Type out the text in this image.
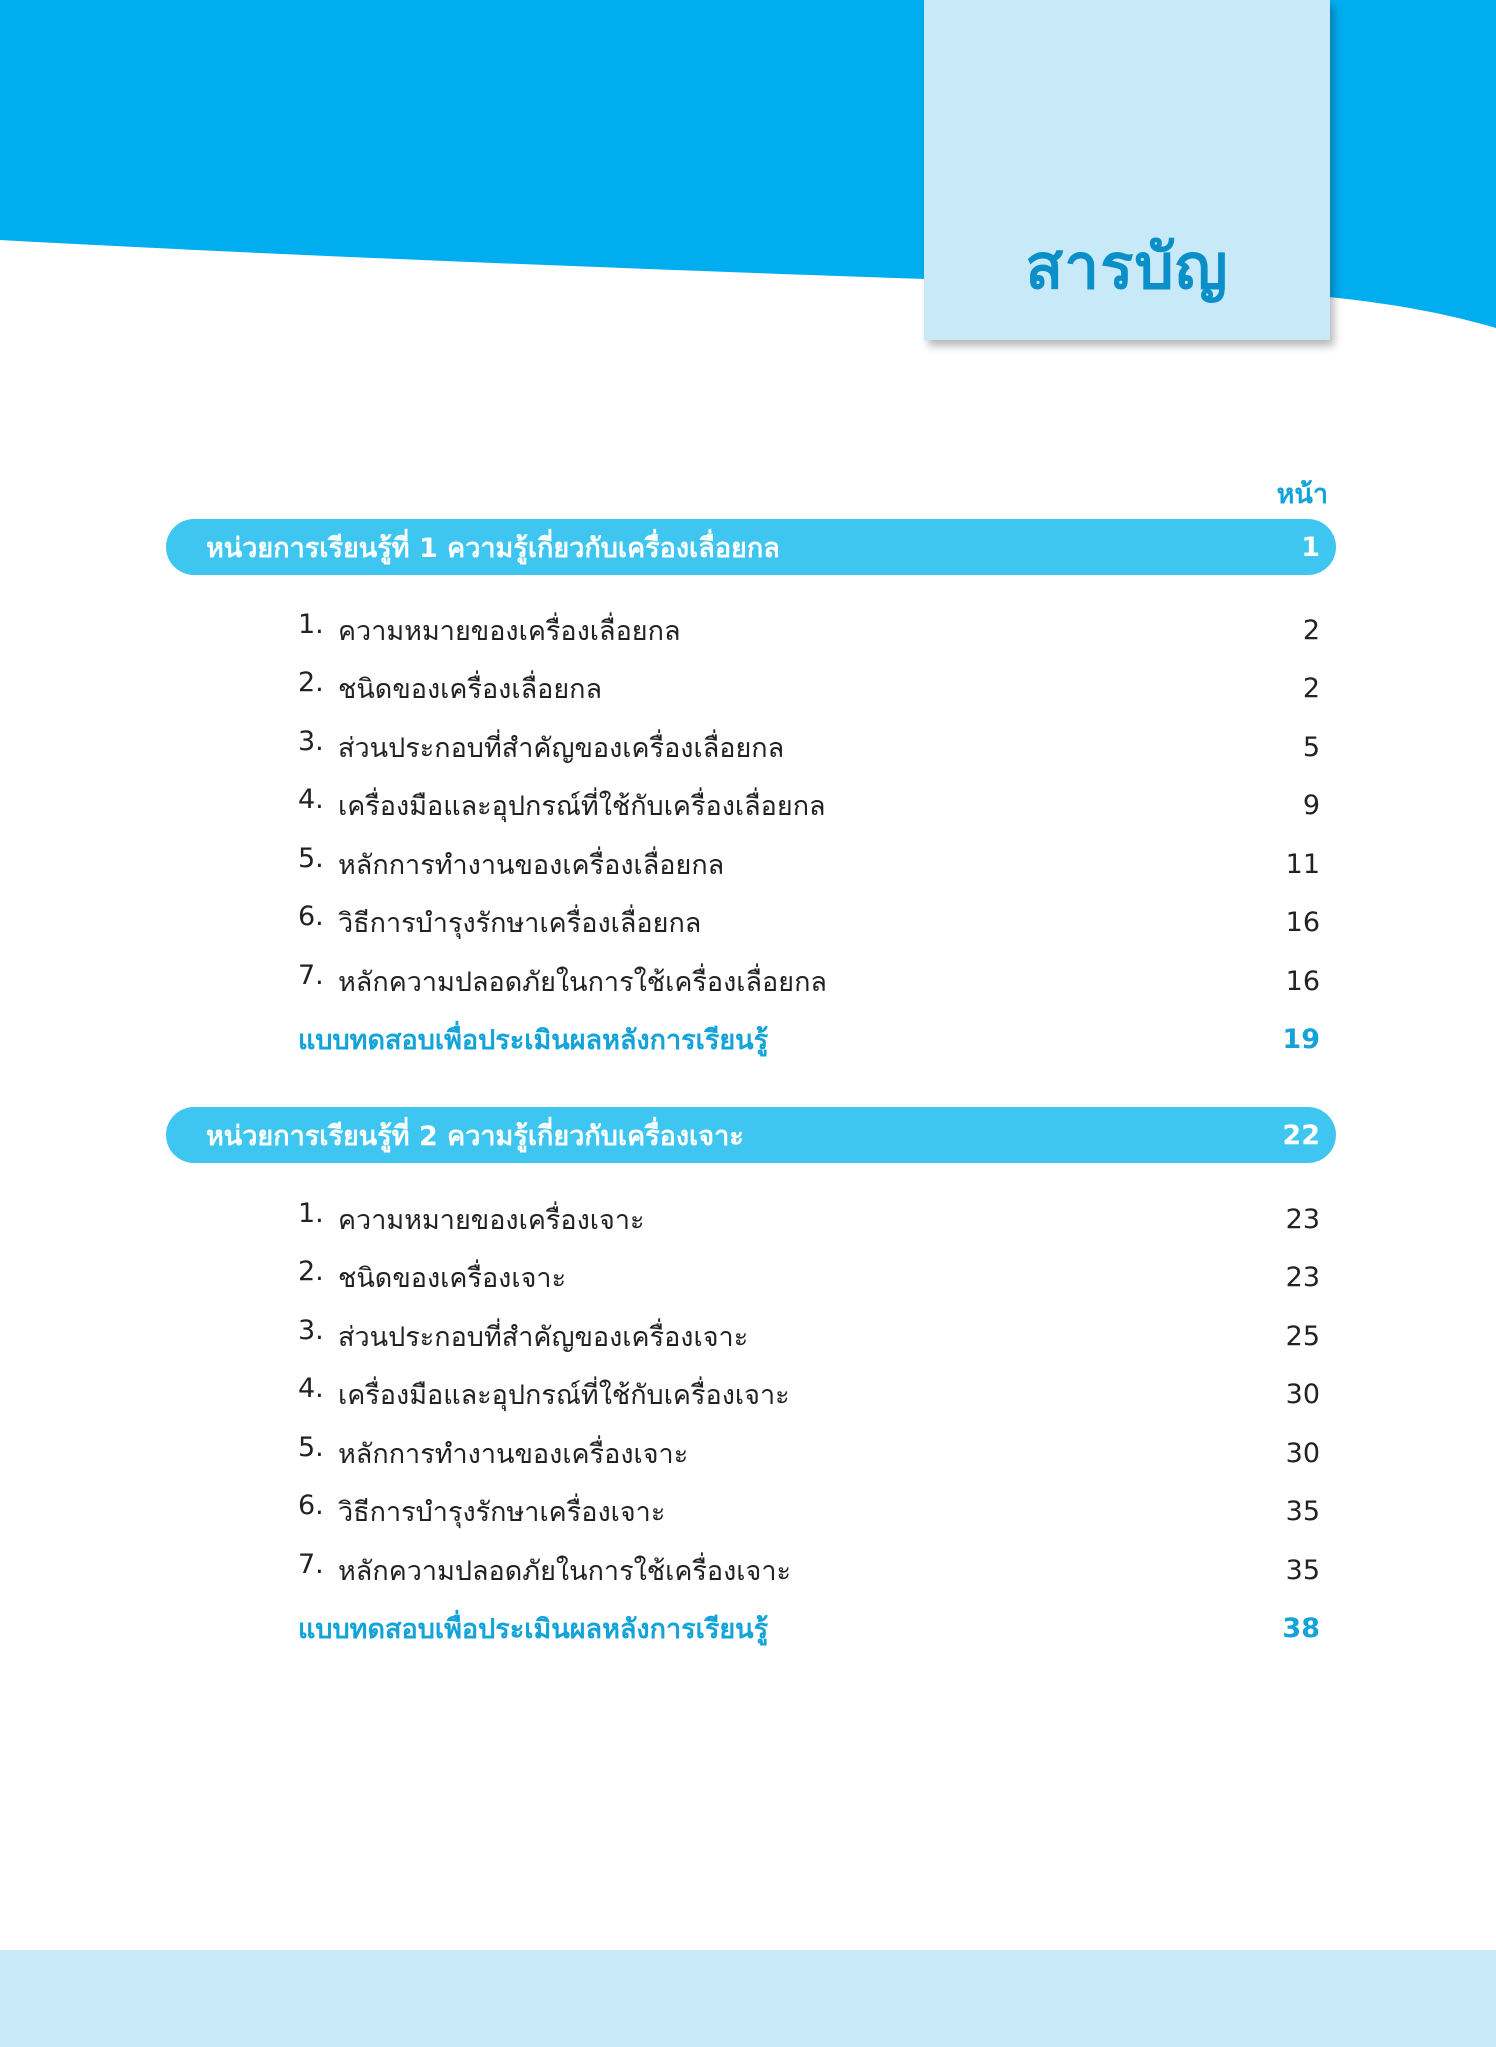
สารบัญ
หน้า
หน่วยการเรียนรู้ที่ 1 ความรู้เกี่ยวกับเครื่องเลื่อยกล	1
1. ความหมายของเครื่องเลื่อยกล	2
2. ชนิดของเครื่องเลื่อยกล	2
3. ส่วนประกอบที่สำคัญของเครื่องเลื่อยกล	5
4. เครื่องมือและอุปกรณ์ที่ใช้กับเครื่องเลื่อยกล	9
5. หลักการทำงานของเครื่องเลื่อยกล	11
6. วิธีการบำรุงรักษาเครื่องเลื่อยกล	16
7. หลักความปลอดภัยในการใช้เครื่องเลื่อยกล	16
แบบทดสอบเพื่อประเมินผลหลังการเรียนรู้	19
หน่วยการเรียนรู้ที่ 2 ความรู้เกี่ยวกับเครื่องเจาะ	22
1. ความหมายของเครื่องเจาะ	23
2. ชนิดของเครื่องเจาะ	23
3. ส่วนประกอบที่สำคัญของเครื่องเจาะ	25
4. เครื่องมือและอุปกรณ์ที่ใช้กับเครื่องเจาะ	30
5. หลักการทำงานของเครื่องเจาะ	30
6. วิธีการบำรุงรักษาเครื่องเจาะ	35
7. หลักความปลอดภัยในการใช้เครื่องเจาะ	35
แบบทดสอบเพื่อประเมินผลหลังการเรียนรู้	38
